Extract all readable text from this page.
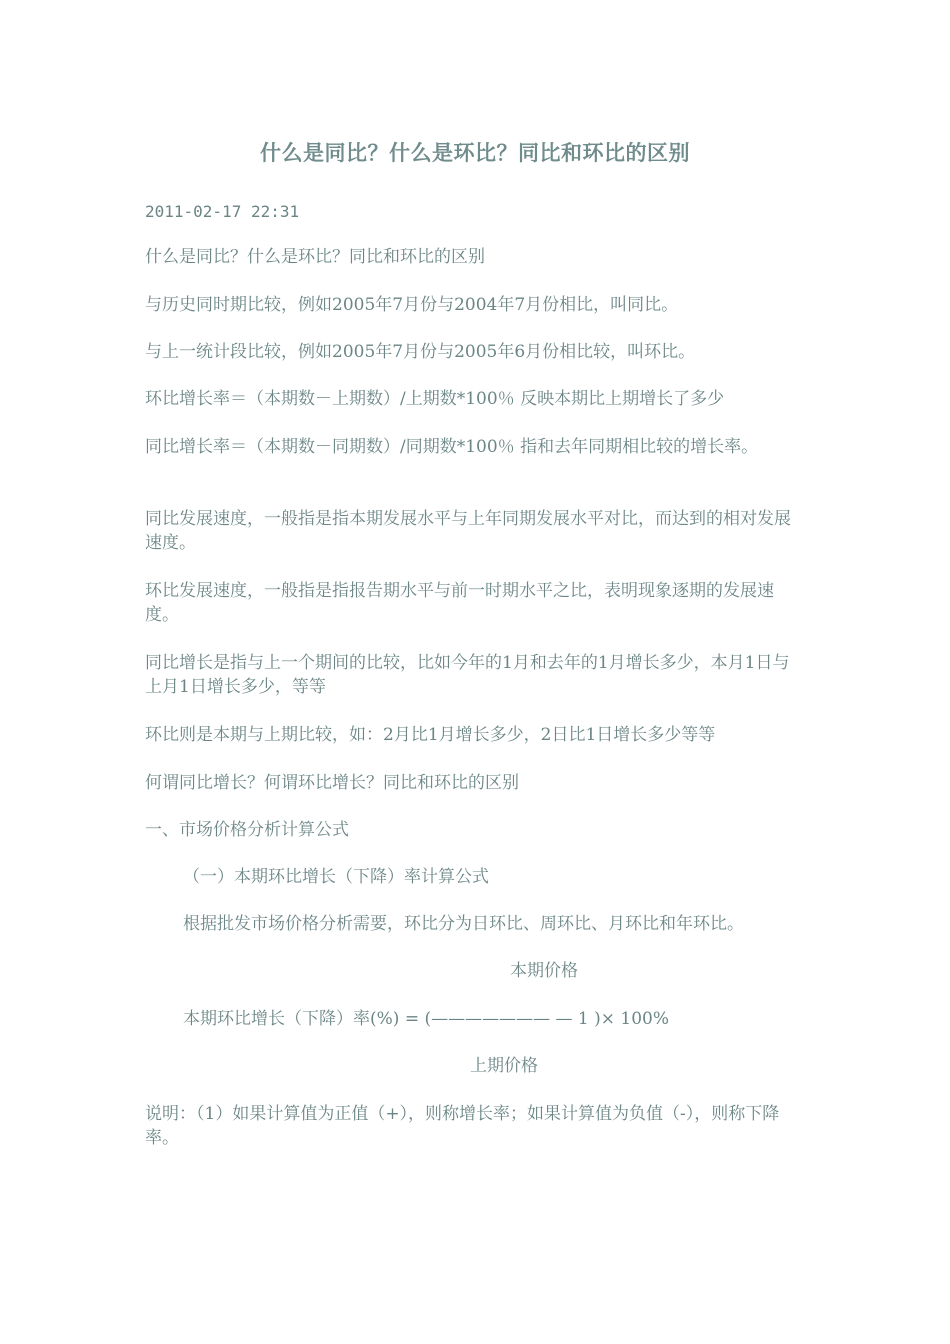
什么是同比？什么是环比？同比和环比的区别
2011-02-17 22:31
什么是同比？什么是环比？同比和环比的区别
与历史同时期比较，例如2005年7月份与2004年7月份相比，叫同比。
与上一统计段比较，例如2005年7月份与2005年6月份相比较，叫环比。
环比增长率＝（本期数－上期数）/上期数*100％ 反映本期比上期增长了多少
同比增长率＝（本期数－同期数）/同期数*100％ 指和去年同期相比较的增长率。
同比发展速度，一般指是指本期发展水平与上年同期发展水平对比，而达到的相对发展速度。
环比发展速度，一般指是指报告期水平与前一时期水平之比，表明现象逐期的发展速度。
同比增长是指与上一个期间的比较，比如今年的1月和去年的1月增长多少，本月1日与上月1日增长多少，等等
环比则是本期与上期比较，如：2月比1月增长多少，2日比1日增长多少等等
何谓同比增长？何谓环比增长？同比和环比的区别
一、市场价格分析计算公式
（一）本期环比增长（下降）率计算公式
根据批发市场价格分析需要，环比分为日环比、周环比、月环比和年环比。
本期价格
本期环比增长（下降）率(%) = (——————— — 1 )× 100%
上期价格
说明：（1）如果计算值为正值（+），则称增长率；如果计算值为负值（-），则称下降率。
